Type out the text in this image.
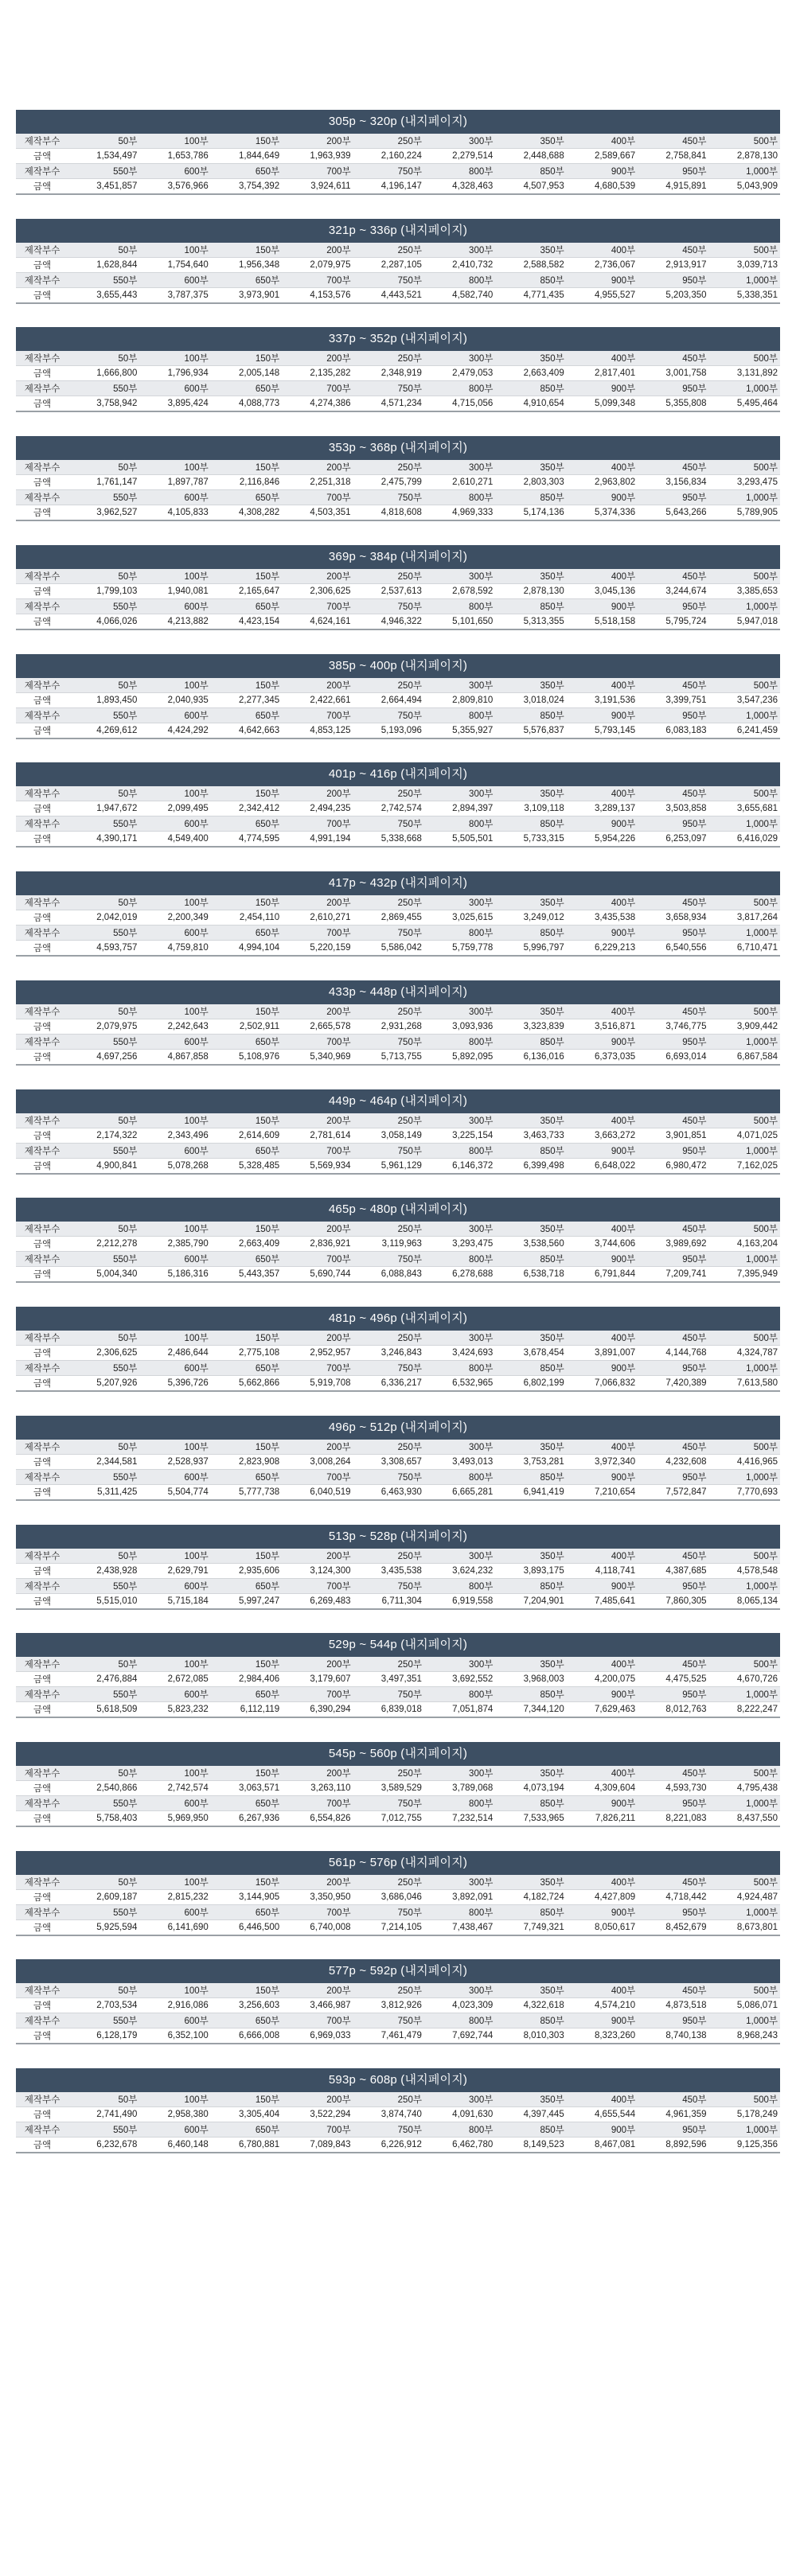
305p ~ 320p (내지페이지)
제작부수	50부	100부	150부	200부	250부	300부	350부	400부	450부	500부
금액	1,534,497	1,653,786	1,844,649	1,963,939	2,160,224	2,279,514	2,448,688	2,589,667	2,758,841	2,878,130
제작부수	550부	600부	650부	700부	750부	800부	850부	900부	950부	1,000부
금액	3,451,857	3,576,966	3,754,392	3,924,611	4,196,147	4,328,463	4,507,953	4,680,539	4,915,891	5,043,909
321p ~ 336p (내지페이지)
제작부수	50부	100부	150부	200부	250부	300부	350부	400부	450부	500부
금액	1,628,844	1,754,640	1,956,348	2,079,975	2,287,105	2,410,732	2,588,582	2,736,067	2,913,917	3,039,713
제작부수	550부	600부	650부	700부	750부	800부	850부	900부	950부	1,000부
금액	3,655,443	3,787,375	3,973,901	4,153,576	4,443,521	4,582,740	4,771,435	4,955,527	5,203,350	5,338,351
337p ~ 352p (내지페이지)
제작부수	50부	100부	150부	200부	250부	300부	350부	400부	450부	500부
금액	1,666,800	1,796,934	2,005,148	2,135,282	2,348,919	2,479,053	2,663,409	2,817,401	3,001,758	3,131,892
제작부수	550부	600부	650부	700부	750부	800부	850부	900부	950부	1,000부
금액	3,758,942	3,895,424	4,088,773	4,274,386	4,571,234	4,715,056	4,910,654	5,099,348	5,355,808	5,495,464
353p ~ 368p (내지페이지)
제작부수	50부	100부	150부	200부	250부	300부	350부	400부	450부	500부
금액	1,761,147	1,897,787	2,116,846	2,251,318	2,475,799	2,610,271	2,803,303	2,963,802	3,156,834	3,293,475
제작부수	550부	600부	650부	700부	750부	800부	850부	900부	950부	1,000부
금액	3,962,527	4,105,833	4,308,282	4,503,351	4,818,608	4,969,333	5,174,136	5,374,336	5,643,266	5,789,905
369p ~ 384p (내지페이지)
제작부수	50부	100부	150부	200부	250부	300부	350부	400부	450부	500부
금액	1,799,103	1,940,081	2,165,647	2,306,625	2,537,613	2,678,592	2,878,130	3,045,136	3,244,674	3,385,653
제작부수	550부	600부	650부	700부	750부	800부	850부	900부	950부	1,000부
금액	4,066,026	4,213,882	4,423,154	4,624,161	4,946,322	5,101,650	5,313,355	5,518,158	5,795,724	5,947,018
385p ~ 400p (내지페이지)
제작부수	50부	100부	150부	200부	250부	300부	350부	400부	450부	500부
금액	1,893,450	2,040,935	2,277,345	2,422,661	2,664,494	2,809,810	3,018,024	3,191,536	3,399,751	3,547,236
제작부수	550부	600부	650부	700부	750부	800부	850부	900부	950부	1,000부
금액	4,269,612	4,424,292	4,642,663	4,853,125	5,193,096	5,355,927	5,576,837	5,793,145	6,083,183	6,241,459
401p ~ 416p (내지페이지)
제작부수	50부	100부	150부	200부	250부	300부	350부	400부	450부	500부
금액	1,947,672	2,099,495	2,342,412	2,494,235	2,742,574	2,894,397	3,109,118	3,289,137	3,503,858	3,655,681
제작부수	550부	600부	650부	700부	750부	800부	850부	900부	950부	1,000부
금액	4,390,171	4,549,400	4,774,595	4,991,194	5,338,668	5,505,501	5,733,315	5,954,226	6,253,097	6,416,029
417p ~ 432p (내지페이지)
제작부수	50부	100부	150부	200부	250부	300부	350부	400부	450부	500부
금액	2,042,019	2,200,349	2,454,110	2,610,271	2,869,455	3,025,615	3,249,012	3,435,538	3,658,934	3,817,264
제작부수	550부	600부	650부	700부	750부	800부	850부	900부	950부	1,000부
금액	4,593,757	4,759,810	4,994,104	5,220,159	5,586,042	5,759,778	5,996,797	6,229,213	6,540,556	6,710,471
433p ~ 448p (내지페이지)
제작부수	50부	100부	150부	200부	250부	300부	350부	400부	450부	500부
금액	2,079,975	2,242,643	2,502,911	2,665,578	2,931,268	3,093,936	3,323,839	3,516,871	3,746,775	3,909,442
제작부수	550부	600부	650부	700부	750부	800부	850부	900부	950부	1,000부
금액	4,697,256	4,867,858	5,108,976	5,340,969	5,713,755	5,892,095	6,136,016	6,373,035	6,693,014	6,867,584
449p ~ 464p (내지페이지)
제작부수	50부	100부	150부	200부	250부	300부	350부	400부	450부	500부
금액	2,174,322	2,343,496	2,614,609	2,781,614	3,058,149	3,225,154	3,463,733	3,663,272	3,901,851	4,071,025
제작부수	550부	600부	650부	700부	750부	800부	850부	900부	950부	1,000부
금액	4,900,841	5,078,268	5,328,485	5,569,934	5,961,129	6,146,372	6,399,498	6,648,022	6,980,472	7,162,025
465p ~ 480p (내지페이지)
제작부수	50부	100부	150부	200부	250부	300부	350부	400부	450부	500부
금액	2,212,278	2,385,790	2,663,409	2,836,921	3,119,963	3,293,475	3,538,560	3,744,606	3,989,692	4,163,204
제작부수	550부	600부	650부	700부	750부	800부	850부	900부	950부	1,000부
금액	5,004,340	5,186,316	5,443,357	5,690,744	6,088,843	6,278,688	6,538,718	6,791,844	7,209,741	7,395,949
481p ~ 496p (내지페이지)
제작부수	50부	100부	150부	200부	250부	300부	350부	400부	450부	500부
금액	2,306,625	2,486,644	2,775,108	2,952,957	3,246,843	3,424,693	3,678,454	3,891,007	4,144,768	4,324,787
제작부수	550부	600부	650부	700부	750부	800부	850부	900부	950부	1,000부
금액	5,207,926	5,396,726	5,662,866	5,919,708	6,336,217	6,532,965	6,802,199	7,066,832	7,420,389	7,613,580
496p ~ 512p (내지페이지)
제작부수	50부	100부	150부	200부	250부	300부	350부	400부	450부	500부
금액	2,344,581	2,528,937	2,823,908	3,008,264	3,308,657	3,493,013	3,753,281	3,972,340	4,232,608	4,416,965
제작부수	550부	600부	650부	700부	750부	800부	850부	900부	950부	1,000부
금액	5,311,425	5,504,774	5,777,738	6,040,519	6,463,930	6,665,281	6,941,419	7,210,654	7,572,847	7,770,693
513p ~ 528p (내지페이지)
제작부수	50부	100부	150부	200부	250부	300부	350부	400부	450부	500부
금액	2,438,928	2,629,791	2,935,606	3,124,300	3,435,538	3,624,232	3,893,175	4,118,741	4,387,685	4,578,548
제작부수	550부	600부	650부	700부	750부	800부	850부	900부	950부	1,000부
금액	5,515,010	5,715,184	5,997,247	6,269,483	6,711,304	6,919,558	7,204,901	7,485,641	7,860,305	8,065,134
529p ~ 544p (내지페이지)
제작부수	50부	100부	150부	200부	250부	300부	350부	400부	450부	500부
금액	2,476,884	2,672,085	2,984,406	3,179,607	3,497,351	3,692,552	3,968,003	4,200,075	4,475,525	4,670,726
제작부수	550부	600부	650부	700부	750부	800부	850부	900부	950부	1,000부
금액	5,618,509	5,823,232	6,112,119	6,390,294	6,839,018	7,051,874	7,344,120	7,629,463	8,012,763	8,222,247
545p ~ 560p (내지페이지)
제작부수	50부	100부	150부	200부	250부	300부	350부	400부	450부	500부
금액	2,540,866	2,742,574	3,063,571	3,263,110	3,589,529	3,789,068	4,073,194	4,309,604	4,593,730	4,795,438
제작부수	550부	600부	650부	700부	750부	800부	850부	900부	950부	1,000부
금액	5,758,403	5,969,950	6,267,936	6,554,826	7,012,755	7,232,514	7,533,965	7,826,211	8,221,083	8,437,550
561p ~ 576p (내지페이지)
제작부수	50부	100부	150부	200부	250부	300부	350부	400부	450부	500부
금액	2,609,187	2,815,232	3,144,905	3,350,950	3,686,046	3,892,091	4,182,724	4,427,809	4,718,442	4,924,487
제작부수	550부	600부	650부	700부	750부	800부	850부	900부	950부	1,000부
금액	5,925,594	6,141,690	6,446,500	6,740,008	7,214,105	7,438,467	7,749,321	8,050,617	8,452,679	8,673,801
577p ~ 592p (내지페이지)
제작부수	50부	100부	150부	200부	250부	300부	350부	400부	450부	500부
금액	2,703,534	2,916,086	3,256,603	3,466,987	3,812,926	4,023,309	4,322,618	4,574,210	4,873,518	5,086,071
제작부수	550부	600부	650부	700부	750부	800부	850부	900부	950부	1,000부
금액	6,128,179	6,352,100	6,666,008	6,969,033	7,461,479	7,692,744	8,010,303	8,323,260	8,740,138	8,968,243
593p ~ 608p (내지페이지)
제작부수	50부	100부	150부	200부	250부	300부	350부	400부	450부	500부
금액	2,741,490	2,958,380	3,305,404	3,522,294	3,874,740	4,091,630	4,397,445	4,655,544	4,961,359	5,178,249
제작부수	550부	600부	650부	700부	750부	800부	850부	900부	950부	1,000부
금액	6,232,678	6,460,148	6,780,881	7,089,843	6,226,912	6,462,780	8,149,523	8,467,081	8,892,596	9,125,356
